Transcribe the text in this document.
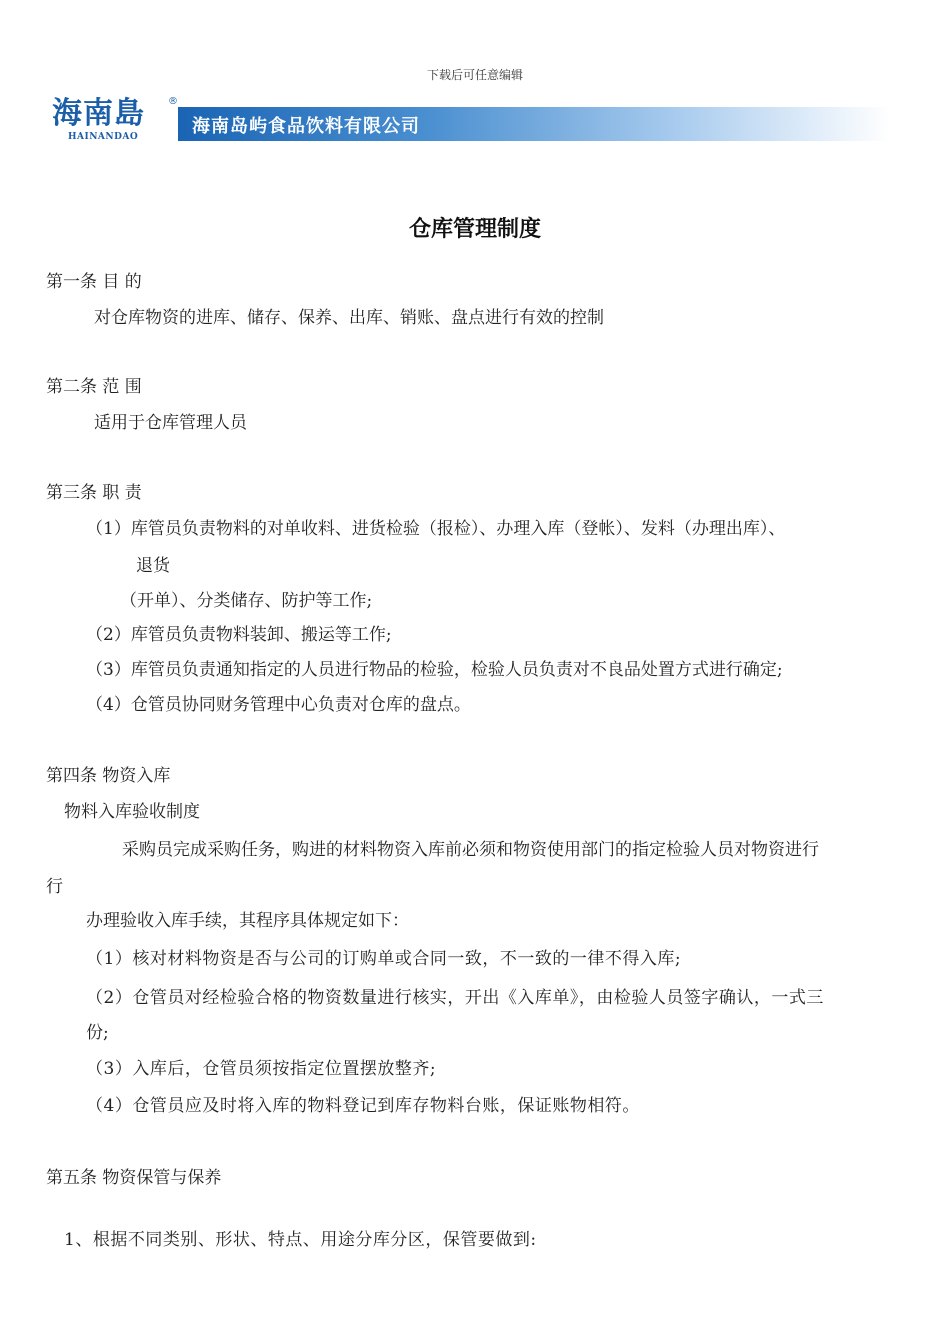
下载后可任意编辑
海南島 ®
HAINANDAO	海南岛屿食品饮料有限公司
仓库管理制度
第一条 目 的
对仓库物资的进库、储存、保养、出库、销账、盘点进行有效的控制
第二条 范 围
适用于仓库管理人员
第三条 职 责
（1）库管员负责物料的对单收料、进货检验（报检）、办理入库（登帐）、发料（办理出库）、
退货
（开单）、分类储存、防护等工作;
（2）库管员负责物料装卸、搬运等工作;
（3）库管员负责通知指定的人员进行物品的检验，检验人员负责对不良品处置方式进行确定;
（4）仓管员协同财务管理中心负责对仓库的盘点。
第四条 物资入库
物料入库验收制度
采购员完成采购任务，购进的材料物资入库前必须和物资使用部门的指定检验人员对物资进行
行
办理验收入库手续，其程序具体规定如下：
（1）核对材料物资是否与公司的订购单或合同一致，不一致的一律不得入库;
（2）仓管员对经检验合格的物资数量进行核实，开出《入库单》，由检验人员签字确认，一式三
份;
（3）入库后，仓管员须按指定位置摆放整齐;
（4）仓管员应及时将入库的物料登记到库存物料台账，保证账物相符。
第五条 物资保管与保养
1、根据不同类别、形状、特点、用途分库分区，保管要做到:
